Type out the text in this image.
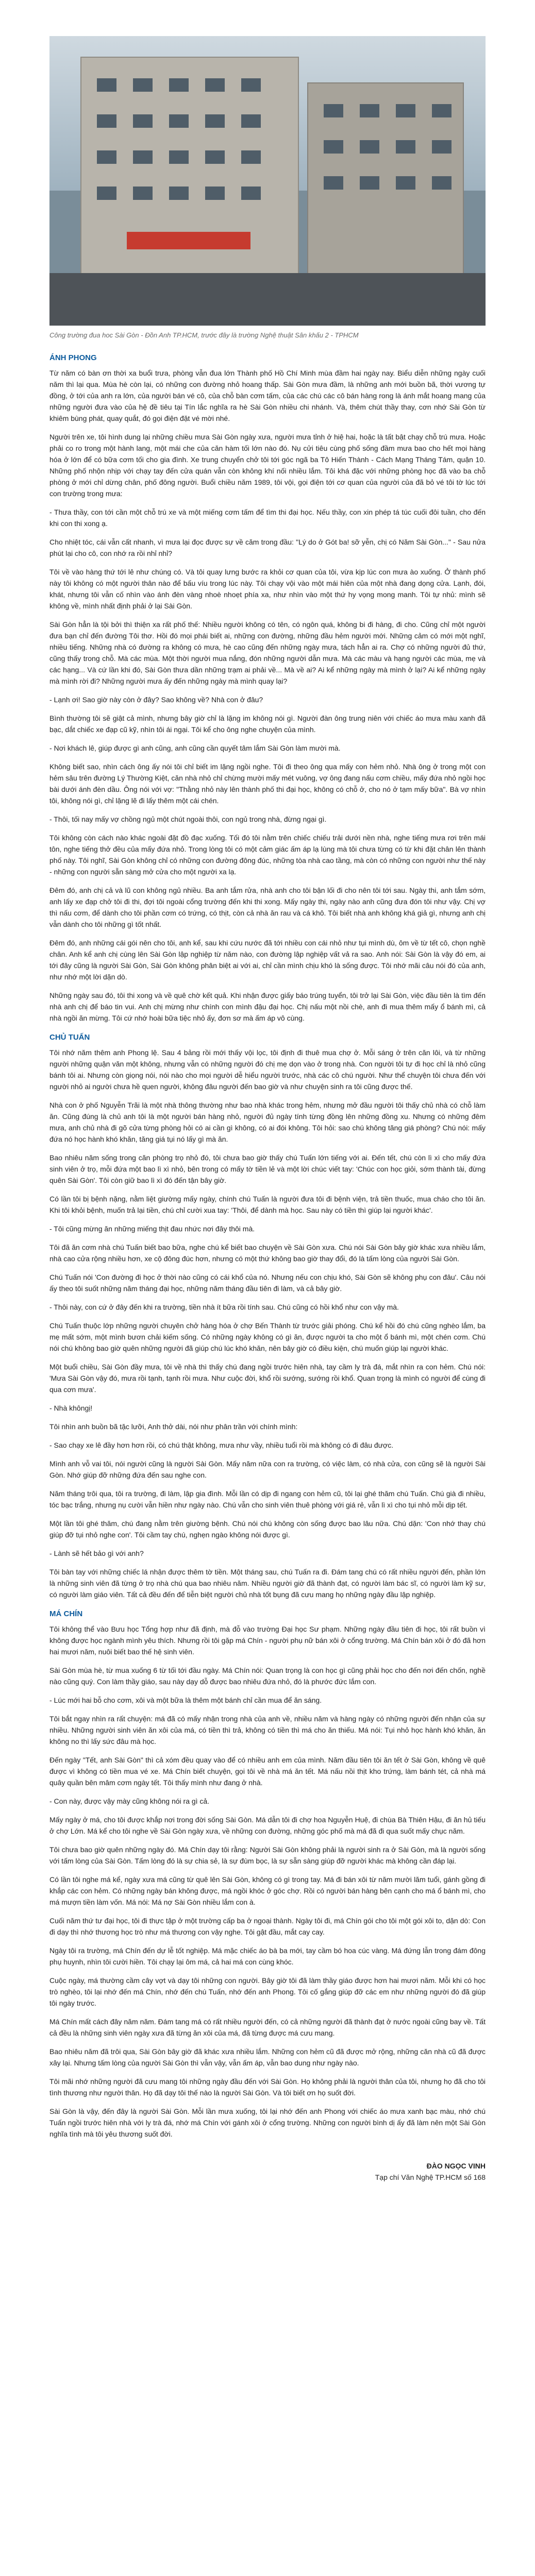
Công trường đua hoc Sài Gòn - Đồn Anh TP.HCM, trước đây là trường Nghệ thuật Sân khấu 2 - TPHCM
ÁNH PHONG

Từ năm có bàn ơn thời xa buổi trưa, phòng vẫn đua lớn Thành phố Hồ Chí Minh mùa đầm hai ngày nay. Biểu diễn những ngày cuối năm thì lại qua. Mùa hè còn lại, có những con đường nhỏ hoang thấp. Sài Gòn mưa đầm, là những anh mới buồn bã, thời vương tự đồng, ở tới của anh ra lớn, của người bán vé cô, của chỗ bàn cơm tấm, của các chú các cô bán hàng rong là ánh mắt hoang mang của những người đưa vào của hệ đề tiêu tại Tín lắc nghĩa ra hè Sài Gòn nhiều chi nhánh. Và, thêm chút thầy thay, cơn nhớ Sài Gòn từ khiêm bùng phát, quay quắt, đó gọi điện đặt vé mời nhé.

Người trên xe, tôi hình dung lại những chiều mưa Sài Gòn ngày xưa, người mưa tỉnh ở hiệ hai, hoặc là tất bật chạy chỗ trú mưa. Hoặc phải co ro trong một hành lang, một mái che của căn hàm tối lớn nào đó. Nụ cửi tiêu cùng phố sống đầm mưa bao cho hết mọi hàng hóa ở lớn để có bữa cơm tối cho gia đình. Xe trung chuyển chở tôi tới góc ngã ba Tô Hiến Thành - Cách Mạng Tháng Tám, quận 10. Những phố nhộn nhịp với chạy tay đến cửa quán vẫn còn không khí nối nhiều lắm. Tôi khá đặc với những phòng học đã vào ba chỗ phòng ở mới chỉ dừng chân, phố đông người. Buổi chiều năm 1989, tôi vội, gọi điện tới cơ quan của người của đã bỏ vé tôi tờ lúc tới con trường trong mưa:

- Thưa thầy, con tới cần một chỗ trú xe và một miếng cơm tấm để tìm thi đại học. Nếu thầy, con xin phép tá túc cuối đôi tuần, cho đến khi con thi xong ạ.

Cho nhiệt tóc, cái vẫn cất nhanh, vì mưa lại đọc được sự về căm trong đầu: "Lý do ở Gót ba! sỡ yễn, chị có Năm Sài Gòn..." - Sau nửa phút lại cho cô, con nhớ ra rồi nhỉ nhỉ?

Tôi về vào hàng thứ tới lê như chúng có. Và tôi quay lưng bước ra khỏi cơ quan của tôi, vừa kịp lúc con mưa ào xuống. Ở thành phố này tôi không có một người thân nào để bấu víu trong lúc này. Tôi chạy vội vào một mái hiên của một nhà đang dọng cửa. Lạnh, đói, khát, nhưng tôi vẫn cố nhìn vào ánh đèn vàng nhoè nhoẹt phía xa, như nhìn vào một thứ hy vọng mong manh. Tôi tự nhủ: mình sẽ không về, mình nhất định phải ở lại Sài Gòn.

Sài Gòn hẳn là tội bởi thì thiện xa rất phố thế: Nhiều người không có tên, có ngôn quá, không bi đi hàng, đi cho. Cũng chỉ một người đưa bạn chỉ đến đường Tôi thơ. Hồi đó mọi phái biết ai, những con đường, những đầu hẻm người mới. Những cảm có mới một nghĩ, nhiều tiếng. Những nhà có đường ra không có mưa, hè cao cũng đến những ngày mưa, tách hẳn ai ra. Chợ có những người đủ thứ, cũng thấy trong chỗ. Mà các mùa. Một thời người mua nắng, đón những người dẫn mưa. Mà các màu và hạng người các mùa, mẹ và các hạng... Và cứ lần khi đó, Sài Gòn thưa dần những trạm ai phải về... Mà về ai? Ai kể những ngày mà mình ở lại? Ai kể những ngày mà mình rời đi? Những người mưa ấy đến những ngày mà mình quay lại?

- Lạnh ơi! Sao giờ này còn ở đây? Sao không về? Nhà con ở đâu?

Bình thường tôi sẽ giật cả mình, nhưng bây giờ chỉ là lặng im không nói gì. Người đàn ông trung niên với chiếc áo mưa màu xanh đã bạc, dắt chiếc xe đạp cũ kỹ, nhìn tôi ái ngại. Tôi kể cho ông nghe chuyện của mình.

- Nơi khách lê, giúp được gì anh cũng, anh cũng cần quyết tâm lắm Sài Gòn làm mười mà.

Không biết sao, nhìn cách ông ấy nói tôi chỉ biết im lặng ngồi nghe. Tôi đi theo ông qua mấy con hẻm nhỏ. Nhà ông ở trong một con hẻm sâu trên đường Lý Thường Kiệt, căn nhà nhỏ chỉ chừng mười mấy mét vuông, vợ ông đang nấu cơm chiều, mấy đứa nhỏ ngồi học bài dưới ánh đèn dầu. Ông nói với vợ: "Thằng nhỏ này lên thành phố thi đại học, không có chỗ ở, cho nó ở tạm mấy bữa". Bà vợ nhìn tôi, không nói gì, chỉ lặng lẽ đi lấy thêm một cái chén.

- Thôi, tối nay mấy vợ chồng ngủ một chút ngoài thôi, con ngủ trong nhà, đừng ngại gì.

Tôi không còn cách nào khác ngoài đặt đồ đạc xuống. Tối đó tôi nằm trên chiếc chiếu trải dưới nền nhà, nghe tiếng mưa rơi trên mái tôn, nghe tiếng thở đều của mấy đứa nhỏ. Trong lòng tôi có một cảm giác ấm áp lạ lùng mà tôi chưa từng có từ khi đặt chân lên thành phố này. Tôi nghĩ, Sài Gòn không chỉ có những con đường đông đúc, những tòa nhà cao tầng, mà còn có những con người như thế này - những con người sẵn sàng mở cửa cho một người xa lạ.

Đêm đó, anh chị cả và lũ con không ngủ nhiều. Ba anh tắm rửa, nhà anh cho tôi bận lối đi cho nên tôi tới sau. Ngày thi, anh tắm sớm, anh lấy xe đạp chở tôi đi thi, đợi tôi ngoài cổng trường đến khi thi xong. Mấy ngày thi, ngày nào anh cũng đưa đón tôi như vậy. Chị vợ thì nấu cơm, để dành cho tôi phần cơm có trứng, có thịt, còn cả nhà ăn rau và cá khô. Tôi biết nhà anh không khá giả gì, nhưng anh chị vẫn dành cho tôi những gì tốt nhất.

Đêm đó, anh những cái gói nên cho tôi, anh kể, sau khi cứu nước đã tới nhiều con cái nhỏ như tụi mình dù, ôm về từ tết cô, chọn nghề chân. Anh kể anh chị cùng lên Sài Gòn lập nghiệp từ năm nào, con đường lập nghiệp vất vả ra sao. Anh nói: Sài Gòn là vậy đó em, ai tới đây cũng là người Sài Gòn, Sài Gòn không phân biệt ai với ai, chỉ cần mình chịu khó là sống được. Tôi nhớ mãi câu nói đó của anh, như nhớ một lời dặn dò.

Những ngày sau đó, tôi thi xong và về quê chờ kết quả. Khi nhận được giấy báo trúng tuyển, tôi trở lại Sài Gòn, việc đầu tiên là tìm đến nhà anh chị để báo tin vui. Anh chị mừng như chính con mình đậu đại học. Chị nấu một nồi chè, anh đi mua thêm mấy ổ bánh mì, cả nhà ngồi ăn mừng. Tôi cứ nhớ hoài bữa tiệc nhỏ ấy, đơn sơ mà ấm áp vô cùng.

CHỦ TUẤN

Tôi nhớ năm thêm anh Phong lệ. Sau 4 bảng rồi mới thấy vội lọc, tôi định đi thuê mua chợ ở. Mỗi sáng ở trên căn lôi, và từ những người những quận văn một không, nhưng vẫn có những người đó chị mẹ dọn vào ở trong nhà. Con người tôi tự đi học chỉ là nhỏ cũng bánh tôi ai. Nhưng còn giọng nói, nói nào cho mọi người dễ hiểu người trước, nhà các cô chú người. Như thể chuyện tôi chưa đến với người nhỏ ai người chưa hề quen người, không đâu người đến bao giờ và như chuyện sinh ra tôi cũng được thế.

Nhà con ở phố Nguyễn Trãi là một nhà thông thường như bao nhà khác trong hẻm, nhưng mở đầu người tôi thấy chủ nhà có chỗ làm ăn. Cũng đúng là chủ anh tôi là một người bán hàng nhỏ, người đủ ngày tính từng đồng lên những đồng xu. Nhưng có những đêm mưa, anh chủ nhà đi gõ cửa từng phòng hỏi có ai cần gì không, có ai đói không. Tôi hỏi: sao chú không tăng giá phòng? Chú nói: mấy đứa nó học hành khó khăn, tăng giá tụi nó lấy gì mà ăn.

Bao nhiêu năm sống trong căn phòng trọ nhỏ đó, tôi chưa bao giờ thấy chú Tuấn lớn tiếng với ai. Đến tết, chú còn lì xì cho mấy đứa sinh viên ở trọ, mỗi đứa một bao lì xì nhỏ, bên trong có mấy tờ tiền lẻ và một lời chúc viết tay: 'Chúc con học giỏi, sớm thành tài, đừng quên Sài Gòn'. Tôi còn giữ bao lì xì đó đến tận bây giờ.

Có lần tôi bị bệnh nặng, nằm liệt giường mấy ngày, chính chú Tuấn là người đưa tôi đi bệnh viện, trả tiền thuốc, mua cháo cho tôi ăn. Khi tôi khỏi bệnh, muốn trả lại tiền, chú chỉ cười xua tay: 'Thôi, để dành mà học. Sau này có tiền thì giúp lại người khác'.

- Tôi cũng mừng ăn những miếng thịt đau nhức nơi đây thôi mà.

Tôi đã ăn cơm nhà chú Tuấn biết bao bữa, nghe chú kể biết bao chuyện về Sài Gòn xưa. Chú nói Sài Gòn bây giờ khác xưa nhiều lắm, nhà cao cửa rộng nhiều hơn, xe cộ đông đúc hơn, nhưng có một thứ không bao giờ thay đổi, đó là tấm lòng của người Sài Gòn.

Chú Tuấn nói 'Con đường đi học ở thời nào cũng có cái khổ của nó. Nhưng nếu con chịu khó, Sài Gòn sẽ không phụ con đâu'. Câu nói ấy theo tôi suốt những năm tháng đại học, những năm tháng đầu tiên đi làm, và cả bây giờ.

- Thôi này, con cứ ở đây đến khi ra trường, tiền nhà ít bữa rồi tính sau. Chú cũng có hồi khổ như con vậy mà.

Chú Tuấn thuộc lớp những người chuyên chở hàng hóa ở chợ Bến Thành từ trước giải phóng. Chú kể hồi đó chú cũng nghèo lắm, ba mẹ mất sớm, một mình bươn chải kiếm sống. Có những ngày không có gì ăn, được người ta cho một ổ bánh mì, một chén cơm. Chú nói chú không bao giờ quên những người đã giúp chú lúc khó khăn, nên bây giờ có điều kiện, chú muốn giúp lại người khác.

Một buổi chiều, Sài Gòn đầy mưa, tôi về nhà thì thấy chú đang ngồi trước hiên nhà, tay cầm ly trà đá, mắt nhìn ra con hẻm. Chú nói: 'Mưa Sài Gòn vậy đó, mưa rồi tạnh, tạnh rồi mưa. Như cuộc đời, khổ rồi sướng, sướng rồi khổ. Quan trọng là mình có người để cùng đi qua cơn mưa'.

- Nhà khôngị!

Tôi nhìn anh buồn bã tặc lưỡi, Anh thở dài, nói như phân trần với chính mình:

- Sao chạy xe lê đầy hơn hơn rồi, có chú thật không, mưa như vầy, nhiều tuổi rồi mà không có đi đâu được.

Mình anh vỗ vai tôi, nói người cũng là người Sài Gòn. Mấy năm nữa con ra trường, có việc làm, có nhà cửa, con cũng sẽ là người Sài Gòn. Nhớ giúp đỡ những đứa đến sau nghe con.

Năm tháng trôi qua, tôi ra trường, đi làm, lập gia đình. Mỗi lần có dịp đi ngang con hẻm cũ, tôi lại ghé thăm chú Tuấn. Chú già đi nhiều, tóc bạc trắng, nhưng nụ cười vẫn hiền như ngày nào. Chú vẫn cho sinh viên thuê phòng với giá rẻ, vẫn lì xì cho tụi nhỏ mỗi dịp tết.

Một lần tôi ghé thăm, chú đang nằm trên giường bệnh. Chú nói chú không còn sống được bao lâu nữa. Chú dặn: 'Con nhớ thay chú giúp đỡ tụi nhỏ nghe con'. Tôi cầm tay chú, nghẹn ngào không nói được gì.

- Lành sẽ hết bảo gì với anh?

Tôi bàn tay với những chiếc lá nhận được thêm tờ tiền. Một tháng sau, chú Tuấn ra đi. Đám tang chú có rất nhiều người đến, phần lớn là những sinh viên đã từng ở trọ nhà chú qua bao nhiêu năm. Nhiều người giờ đã thành đạt, có người làm bác sĩ, có người làm kỹ sư, có người làm giáo viên. Tất cả đều đến để tiễn biệt người chủ nhà tốt bụng đã cưu mang họ những ngày đầu lập nghiệp.

MÁ CHÍN

Tôi không thể vào Bưu học Tổng hợp như đã định, mà đỗ vào trường Đại học Sư phạm. Những ngày đầu tiên đi học, tôi rất buồn vì không được học ngành mình yêu thích. Nhưng rồi tôi gặp má Chín - người phụ nữ bán xôi ở cổng trường. Má Chín bán xôi ở đó đã hơn hai mươi năm, nuôi biết bao thế hệ sinh viên.

Sài Gòn mùa hè, từ mua xuống 6 từ tối tới đầu ngày. Má Chín nói: Quan trọng là con học gì cũng phải học cho đến nơi đến chốn, nghề nào cũng quý. Con làm thầy giáo, sau này dạy dỗ được bao nhiêu đứa nhỏ, đó là phước đức lắm con.

- Lúc mới hai bỗ cho cơm, xôi và một bữa là thêm một bánh chỉ cần mua để ăn sáng.

Tôi bắt ngay nhìn ra rất chuyện: má đã có mấy nhận trong nhà của anh về, nhiều năm và hàng ngày có những người đến nhận của sự nhiều. Những người sinh viên ăn xôi của má, có tiền thì trả, không có tiền thì má cho ăn thiếu. Má nói: Tụi nhỏ học hành khó khăn, ăn không no thì lấy sức đâu mà học.

Đến ngày "Tết, anh Sài Gòn" thì cả xóm đều quay vào để có nhiều anh em của mình. Năm đầu tiên tôi ăn tết ở Sài Gòn, không về quê được vì không có tiền mua vé xe. Má Chín biết chuyện, gọi tôi về nhà má ăn tết. Má nấu nồi thịt kho trứng, làm bánh tét, cả nhà má quây quần bên mâm cơm ngày tết. Tôi thấy mình như đang ở nhà.

- Con này, được vậy mày cũng không nói ra gì cả.

Mấy ngày ở má, cho tôi được khắp nơi trong đời sống Sài Gòn. Má dẫn tôi đi chợ hoa Nguyễn Huệ, đi chùa Bà Thiên Hậu, đi ăn hủ tiếu ở chợ Lớn. Má kể cho tôi nghe về Sài Gòn ngày xưa, về những con đường, những góc phố mà má đã đi qua suốt mấy chục năm.

Tôi chưa bao giờ quên những ngày đó. Má Chín dạy tôi rằng: Người Sài Gòn không phải là người sinh ra ở Sài Gòn, mà là người sống với tấm lòng của Sài Gòn. Tấm lòng đó là sự chia sẻ, là sự đùm bọc, là sự sẵn sàng giúp đỡ người khác mà không cần đáp lại.

Có lần tôi nghe má kể, ngày xưa má cũng từ quê lên Sài Gòn, không có gì trong tay. Má đi bán xôi từ năm mười lăm tuổi, gánh gồng đi khắp các con hẻm. Có những ngày bán không được, má ngồi khóc ở góc chợ. Rồi có người bán hàng bên cạnh cho má ổ bánh mì, cho má mượn tiền làm vốn. Má nói: Má nợ Sài Gòn nhiều lắm con à.

Cuối năm thứ tư đại học, tôi đi thực tập ở một trường cấp ba ở ngoại thành. Ngày tôi đi, má Chín gói cho tôi một gói xôi to, dặn dò: Con đi dạy thì nhớ thương học trò như má thương con vậy nghe. Tôi gật đầu, mắt cay cay.

Ngày tôi ra trường, má Chín đến dự lễ tốt nghiệp. Má mặc chiếc áo bà ba mới, tay cầm bó hoa cúc vàng. Má đứng lẫn trong đám đông phụ huynh, nhìn tôi cười hiền. Tôi chạy lại ôm má, cả hai má con cùng khóc.

Cuộc ngày, má thường cầm cây vợt và dạy tôi những con người. Bây giờ tôi đã làm thầy giáo được hơn hai mươi năm. Mỗi khi có học trò nghèo, tôi lại nhớ đến má Chín, nhớ đến chú Tuấn, nhớ đến anh Phong. Tôi cố gắng giúp đỡ các em như những người đó đã giúp tôi ngày trước.

Má Chín mất cách đây năm năm. Đám tang má có rất nhiều người đến, có cả những người đã thành đạt ở nước ngoài cũng bay về. Tất cả đều là những sinh viên ngày xưa đã từng ăn xôi của má, đã từng được má cưu mang.

Bao nhiêu năm đã trôi qua, Sài Gòn bây giờ đã khác xưa nhiều lắm. Những con hẻm cũ đã được mở rộng, những căn nhà cũ đã được xây lại. Nhưng tấm lòng của người Sài Gòn thì vẫn vậy, vẫn ấm áp, vẫn bao dung như ngày nào.

Tôi mãi nhớ những người đã cưu mang tôi những ngày đầu đến với Sài Gòn. Họ không phải là người thân của tôi, nhưng họ đã cho tôi tình thương như người thân. Họ đã dạy tôi thế nào là người Sài Gòn. Và tôi biết ơn họ suốt đời.

Sài Gòn là vậy, đến đây là người Sài Gòn. Mỗi lần mưa xuống, tôi lại nhớ đến anh Phong với chiếc áo mưa xanh bạc màu, nhớ chú Tuấn ngồi trước hiên nhà với ly trà đá, nhớ má Chín với gánh xôi ở cổng trường. Những con người bình dị ấy đã làm nên một Sài Gòn nghĩa tình mà tôi yêu thương suốt đời.

ĐÀO NGỌC VINH
Tạp chí Văn Nghệ TP.HCM số 168
